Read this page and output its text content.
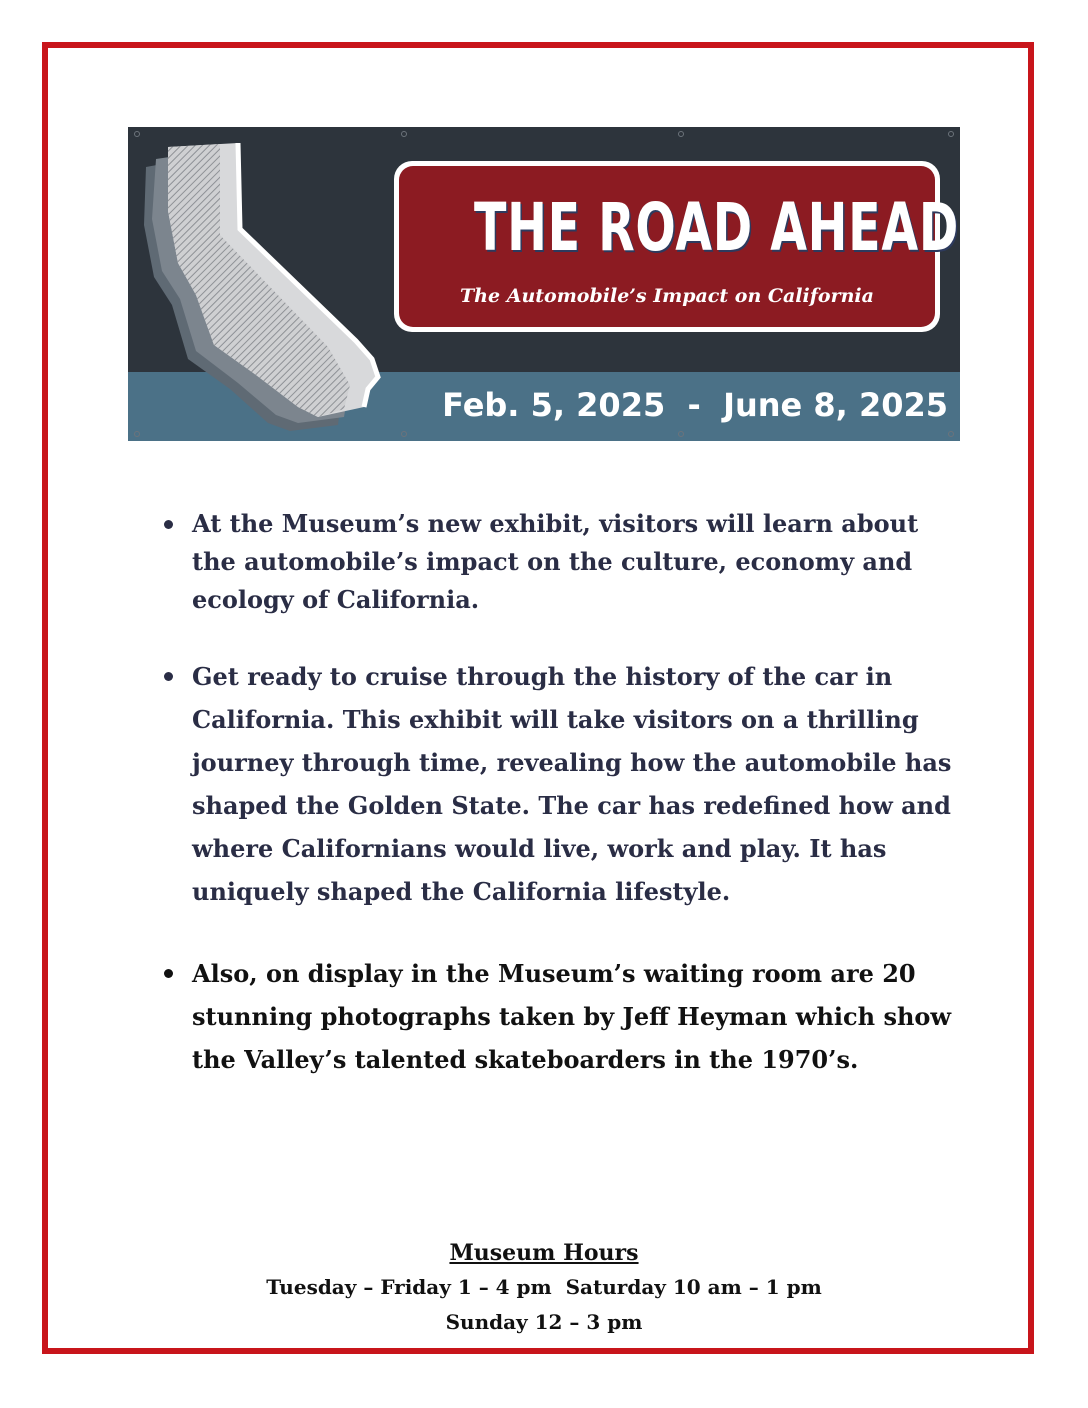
Feb. 5, 2025  -  June 8, 2025
THE ROAD AHEAD
The Automobile’s Impact on California
At the Museum’s new exhibit, visitors will learn about the automobile’s impact on the culture, economy and ecology of California.
Get ready to cruise through the history of the car in California. This exhibit will take visitors on a thrilling journey through time, revealing how the automobile has shaped the Golden State. The car has redefined how and where Californians would live, work and play. It has uniquely shaped the California lifestyle.
Also, on display in the Museum’s waiting room are 20 stunning photographs taken by Jeff Heyman which show the Valley’s talented skateboarders in the 1970’s.
Museum Hours
Tuesday – Friday 1 – 4 pm  Saturday 10 am – 1 pm
Sunday 12 – 3 pm
